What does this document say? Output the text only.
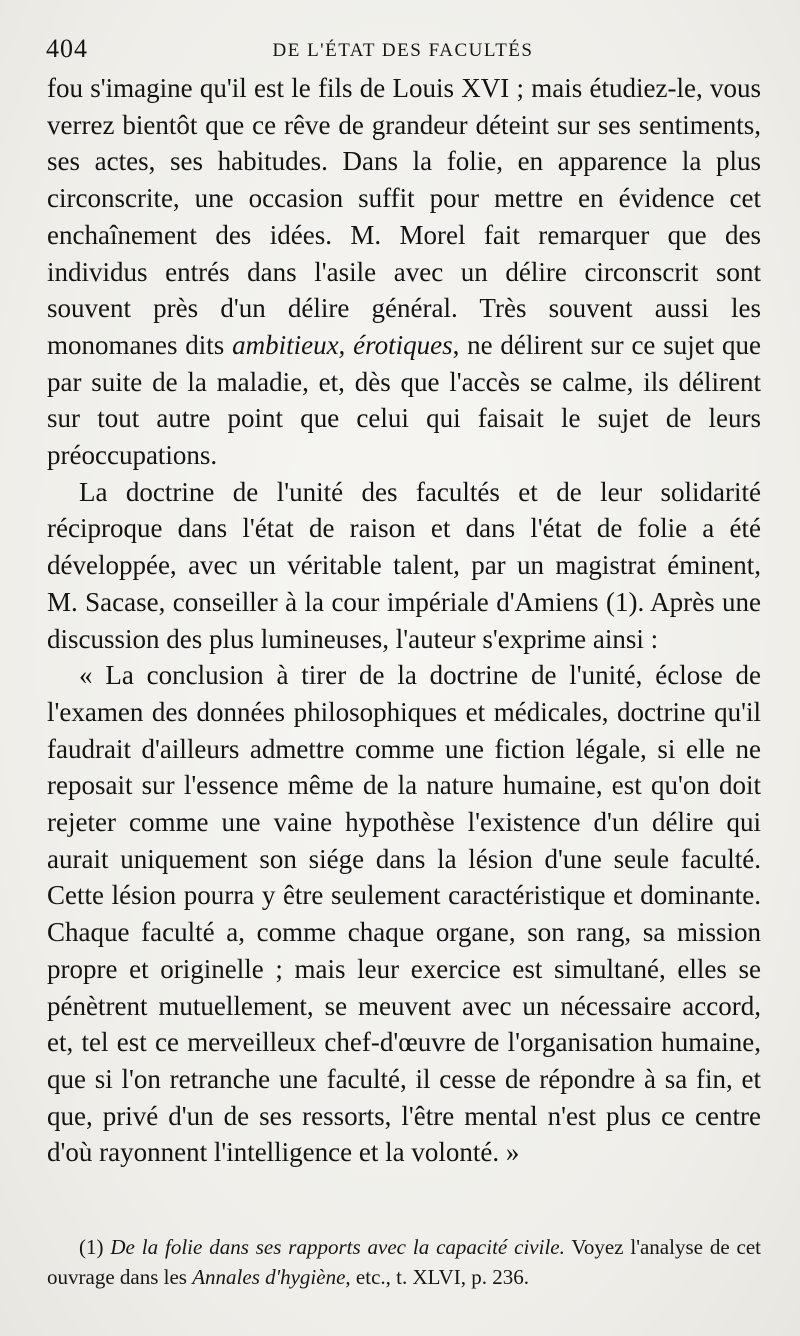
404	DE L'ÉTAT DES FACULTÉS

fou s'imagine qu'il est le fils de Louis XVI ; mais étudiez-le, vous verrez bientôt que ce rêve de grandeur déteint sur ses sentiments, ses actes, ses habitudes. Dans la folie, en apparence la plus circonscrite, une occasion suffit pour mettre en évidence cet enchaînement des idées. M. Morel fait remarquer que des individus entrés dans l'asile avec un délire circonscrit sont souvent près d'un délire général. Très souvent aussi les monomanes dits ambitieux, érotiques, ne délirent sur ce sujet que par suite de la maladie, et, dès que l'accès se calme, ils délirent sur tout autre point que celui qui faisait le sujet de leurs préoccupations.

La doctrine de l'unité des facultés et de leur solidarité réciproque dans l'état de raison et dans l'état de folie a été développée, avec un véritable talent, par un magistrat éminent, M. Sacase, conseiller à la cour impériale d'Amiens (1). Après une discussion des plus lumineuses, l'auteur s'exprime ainsi :

« La conclusion à tirer de la doctrine de l'unité, éclose de l'examen des données philosophiques et médicales, doctrine qu'il faudrait d'ailleurs admettre comme une fiction légale, si elle ne reposait sur l'essence même de la nature humaine, est qu'on doit rejeter comme une vaine hypothèse l'existence d'un délire qui aurait uniquement son siége dans la lésion d'une seule faculté. Cette lésion pourra y être seulement caractéristique et dominante. Chaque faculté a, comme chaque organe, son rang, sa mission propre et originelle ; mais leur exercice est simultané, elles se pénètrent mutuellement, se meuvent avec un nécessaire accord, et, tel est ce merveilleux chef-d'œuvre de l'organisation humaine, que si l'on retranche une faculté, il cesse de répondre à sa fin, et que, privé d'un de ses ressorts, l'être mental n'est plus ce centre d'où rayonnent l'intelligence et la volonté. »

(1) De la folie dans ses rapports avec la capacité civile. Voyez l'analyse de cet ouvrage dans les Annales d'hygiène, etc., t. XLVI, p. 236.
